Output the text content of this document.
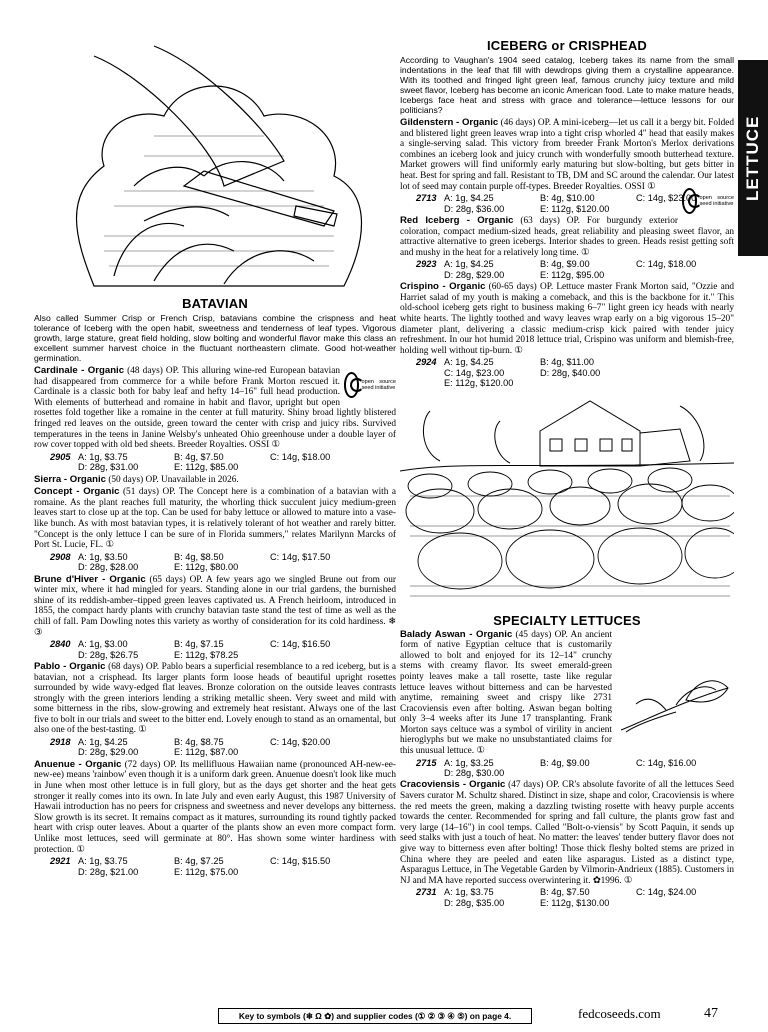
LETTUCE
BATAVIAN

Also called Summer Crisp or French Crisp, batavians combine the crispness and heat tolerance of Iceberg with the open habit, sweetness and tenderness of leaf types. Vigorous growth, large stature, great field holding, slow bolting and wonderful flavor make this class an excellent summer harvest choice in the fluctuant northeastern climate. Good hot-weather germination.

open source seed initiative
Cardinale - Organic (48 days) OP. This alluring wine-red European batavian had disappeared from commerce for a while before Frank Morton rescued it. Cardinale is a classic both for baby leaf and hefty 14–16" full head production. With elements of butterhead and romaine in habit and flavor, upright but open rosettes fold together like a romaine in the center at full maturity. Shiny broad lightly blistered fringed red leaves on the outside, green toward the center with crisp and juicy ribs. Survived temperatures in the teens in Janine Welsby's unheated Ohio greenhouse under a double layer of row cover topped with old bed sheets. Breeder Royalties. OSSI ①

2905 A: 1g, $3.75	B: 4g, $7.50	C: 14g, $18.00
D: 28g, $31.00	E: 112g, $85.00

Sierra - Organic (50 days) OP. Unavailable in 2026.

Concept - Organic (51 days) OP. The Concept here is a combination of a batavian with a romaine. As the plant reaches full maturity, the whorling thick succulent juicy medium-green leaves start to close up at the top. Can be used for baby lettuce or allowed to mature into a vase-like bunch. As with most batavian types, it is relatively tolerant of hot weather and rarely bitter. "Concept is the only lettuce I can be sure of in Florida summers," relates Marilynn Marcks of Port St. Lucie, FL. ①

2908 A: 1g, $3.50	B: 4g, $8.50	C: 14g, $17.50
D: 28g, $28.00	E: 112g, $80.00

Brune d'Hiver - Organic (65 days) OP. A few years ago we singled Brune out from our winter mix, where it had mingled for years. Standing alone in our trial gardens, the burnished shine of its reddish-amber–tipped green leaves captivated us. A French heirloom, introduced in 1855, the compact hardy plants with crunchy batavian taste stand the test of time as well as the chill of fall. Pam Dowling notes this variety as worthy of consideration for its cold hardiness. ❄ ③

2840 A: 1g, $3.00	B: 4g, $7.15	C: 14g, $16.50
D: 28g, $26.75	E: 112g, $78.25

Pablo - Organic (68 days) OP. Pablo bears a superficial resemblance to a red iceberg, but is a batavian, not a crisphead. Its larger plants form loose heads of beautiful upright rosettes surrounded by wide wavy-edged flat leaves. Bronze coloration on the outside leaves contrasts strongly with the green interiors lending a striking metallic sheen. Very sweet and mild with some bitterness in the ribs, slow-growing and extremely heat resistant. Always one of the last five to bolt in our trials and sweet to the bitter end. Lovely enough to stand as an ornamental, but also one of the best-tasting. ①

2918 A: 1g, $4.25	B: 4g, $8.75	C: 14g, $20.00
D: 28g, $29.00	E: 112g, $87.00

Anuenue - Organic (72 days) OP. Its mellifluous Hawaiian name (pronounced AH-new-ee-new-ee) means 'rainbow' even though it is a uniform dark green. Anuenue doesn't look like much in June when most other lettuce is in full glory, but as the days get shorter and the heat gets stronger it really comes into its own. In late July and even early August, this 1987 University of Hawaii introduction has no peers for crispness and sweetness and never develops any bitterness. Slow growth is its secret. It remains compact as it matures, surrounding its round tightly packed heart with crisp outer leaves. About a quarter of the plants show an even more compact form. Unlike most lettuces, seed will germinate at 80°. Has shown some winter hardiness with protection. ①

2921 A: 1g, $3.75	B: 4g, $7.25	C: 14g, $15.50
D: 28g, $21.00	E: 112g, $75.00
ICEBERG or CRISPHEAD

According to Vaughan's 1904 seed catalog, Iceberg takes its name from the small indentations in the leaf that fill with dewdrops giving them a crystalline appearance. With its toothed and fringed light green leaf, famous crunchy juicy texture and mild sweet flavor, Iceberg has become an iconic American food. Late to make mature heads, Icebergs face heat and stress with grace and tolerance—lettuce lessons for our politicians?

Gildenstern - Organic (46 days) OP. A mini-iceberg—let us call it a bergy bit. Folded and blistered light green leaves wrap into a tight crisp whorled 4" head that easily makes a single-serving salad. This victory from breeder Frank Morton's Merlox derivations combines an iceberg look and juicy crunch with wonderfully smooth butterhead texture. Market growers will find uniformly early maturing but slow-bolting, but gets bitter in heat. Best for spring and fall. Resistant to TB, DM and SC around the calendar. Our latest lot of seed may contain purple off-types. Breeder Royalties. OSSI ①
open source seed initiative

2713 A: 1g, $4.25	B: 4g, $10.00	C: 14g, $23.00
D: 28g, $36.00	E: 112g, $120.00

Red Iceberg - Organic (63 days) OP. For burgundy exterior coloration, compact medium-sized heads, great reliability and pleasing sweet flavor, an attractive alternative to green icebergs. Interior shades to green. Heads resist getting soft and mushy in the heat for a relatively long time. ①

2923 A: 1g, $4.25	B: 4g, $9.00	C: 14g, $18.00
D: 28g, $29.00	E: 112g, $95.00

Crispino - Organic (60-65 days) OP. Lettuce master Frank Morton said, "Ozzie and Harriet salad of my youth is making a comeback, and this is the backbone for it." This old-school iceberg gets right to business making 6–7" light green icy heads with nearly white hearts. The lightly toothed and wavy leaves wrap early on a big vigorous 15–20" diameter plant, delivering a classic medium-crisp kick paired with tender juicy refreshment. In our hot humid 2018 lettuce trial, Crispino was uniform and blemish-free, holding well without tip-burn. ①

2924 A: 1g, $4.25	B: 4g, $11.00
C: 14g, $23.00	D: 28g, $40.00
E: 112g, $120.00
SPECIALTY LETTUCES

Balady Aswan - Organic (45 days) OP. An ancient form of native Egyptian celtuce that is customarily allowed to bolt and enjoyed for its 12–14" crunchy stems with creamy flavor. Its sweet emerald-green pointy leaves make a tall rosette, taste like regular lettuce leaves without bitterness and can be harvested anytime, remaining sweet and crispy like 2731 Cracoviensis even after bolting. Aswan began bolting only 3–4 weeks after its June 17 transplanting. Frank Morton says celtuce was a symbol of virility in ancient hieroglyphs but we make no unsubstantiated claims for this unusual lettuce. ①

2715 A: 1g, $3.25	B: 4g, $9.00	C: 14g, $16.00
D: 28g, $30.00

Cracoviensis - Organic (47 days) OP. CR's absolute favorite of all the lettuces Seed Savers curator M. Schultz shared. Distinct in size, shape and color, Cracoviensis is where the red meets the green, making a dazzling twisting rosette with heavy purple accents towards the center. Recommended for spring and fall culture, the plants grow fast and very large (14–16") in cool temps. Called "Bolt-o-viensis" by Scott Paquin, it sends up seed stalks with just a touch of heat. No matter: the leaves' tender buttery flavor does not give way to bitterness even after bolting! Those thick fleshy bolted stems are prized in China where they are peeled and eaten like asparagus. Listed as a distinct type, Asparagus Lettuce, in The Vegetable Garden by Vilmorin-Andrieux (1885). Customers in NJ and MA have reported success overwintering it. ✿1996. ①

2731 A: 1g, $3.75	B: 4g, $7.50	C: 14g, $24.00
D: 28g, $35.00	E: 112g, $130.00
Key to symbols (❄ Ω ✿) and supplier codes (① ② ③ ④ ⑤) on page 4.	fedcoseeds.com	47
